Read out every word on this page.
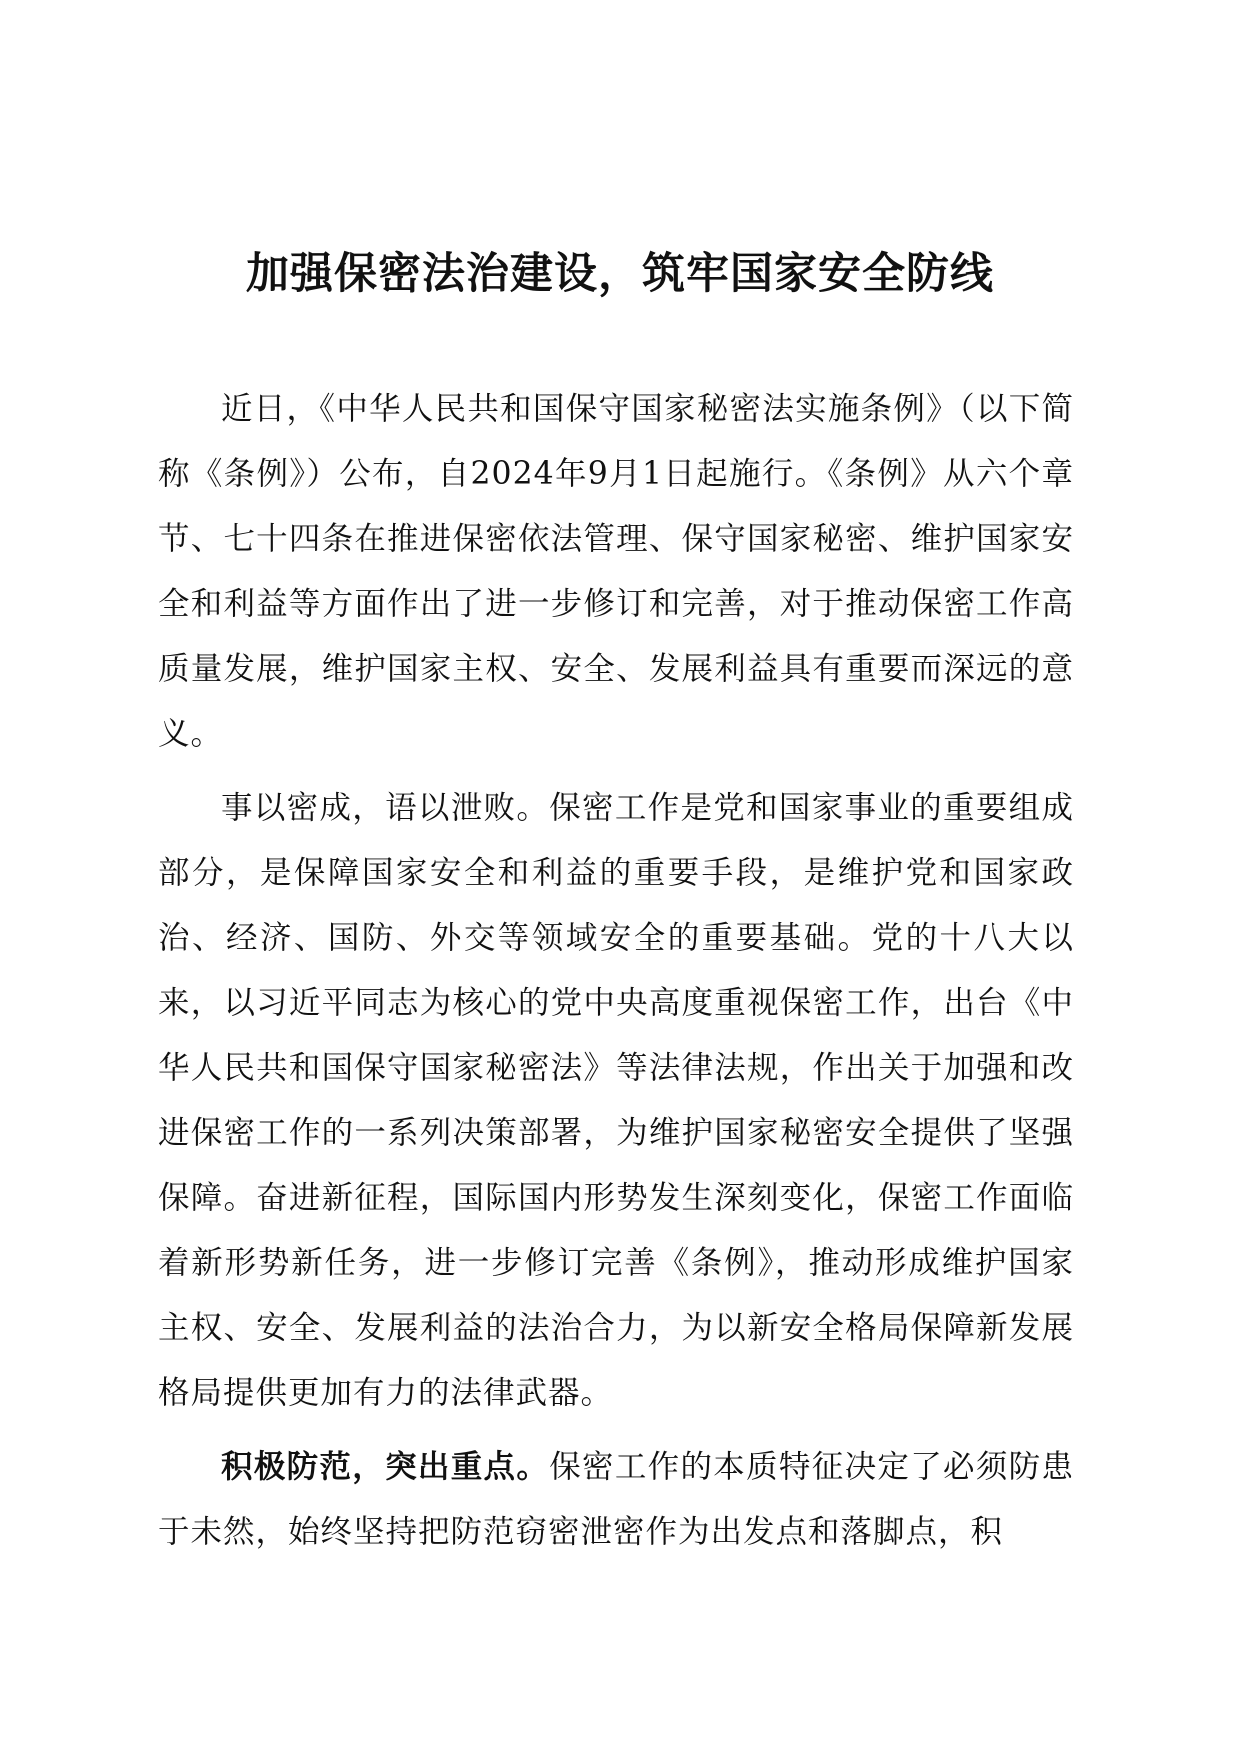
加强保密法治建设，筑牢国家安全防线

近日，《中华人民共和国保守国家秘密法实施条例》（以下简称《条例》）公布，自2024年9月1日起施行。《条例》从六个章节、七十四条在推进保密依法管理、保守国家秘密、维护国家安全和利益等方面作出了进一步修订和完善，对于推动保密工作高质量发展，维护国家主权、安全、发展利益具有重要而深远的意义。

事以密成，语以泄败。保密工作是党和国家事业的重要组成部分，是保障国家安全和利益的重要手段，是维护党和国家政治、经济、国防、外交等领域安全的重要基础。党的十八大以来，以习近平同志为核心的党中央高度重视保密工作，出台《中华人民共和国保守国家秘密法》等法律法规，作出关于加强和改进保密工作的一系列决策部署，为维护国家秘密安全提供了坚强保障。奋进新征程，国际国内形势发生深刻变化，保密工作面临着新形势新任务，进一步修订完善《条例》，推动形成维护国家主权、安全、发展利益的法治合力，为以新安全格局保障新发展格局提供更加有力的法律武器。

积极防范，突出重点。保密工作的本质特征决定了必须防患于未然，始终坚持把防范窃密泄密作为出发点和落脚点，积
